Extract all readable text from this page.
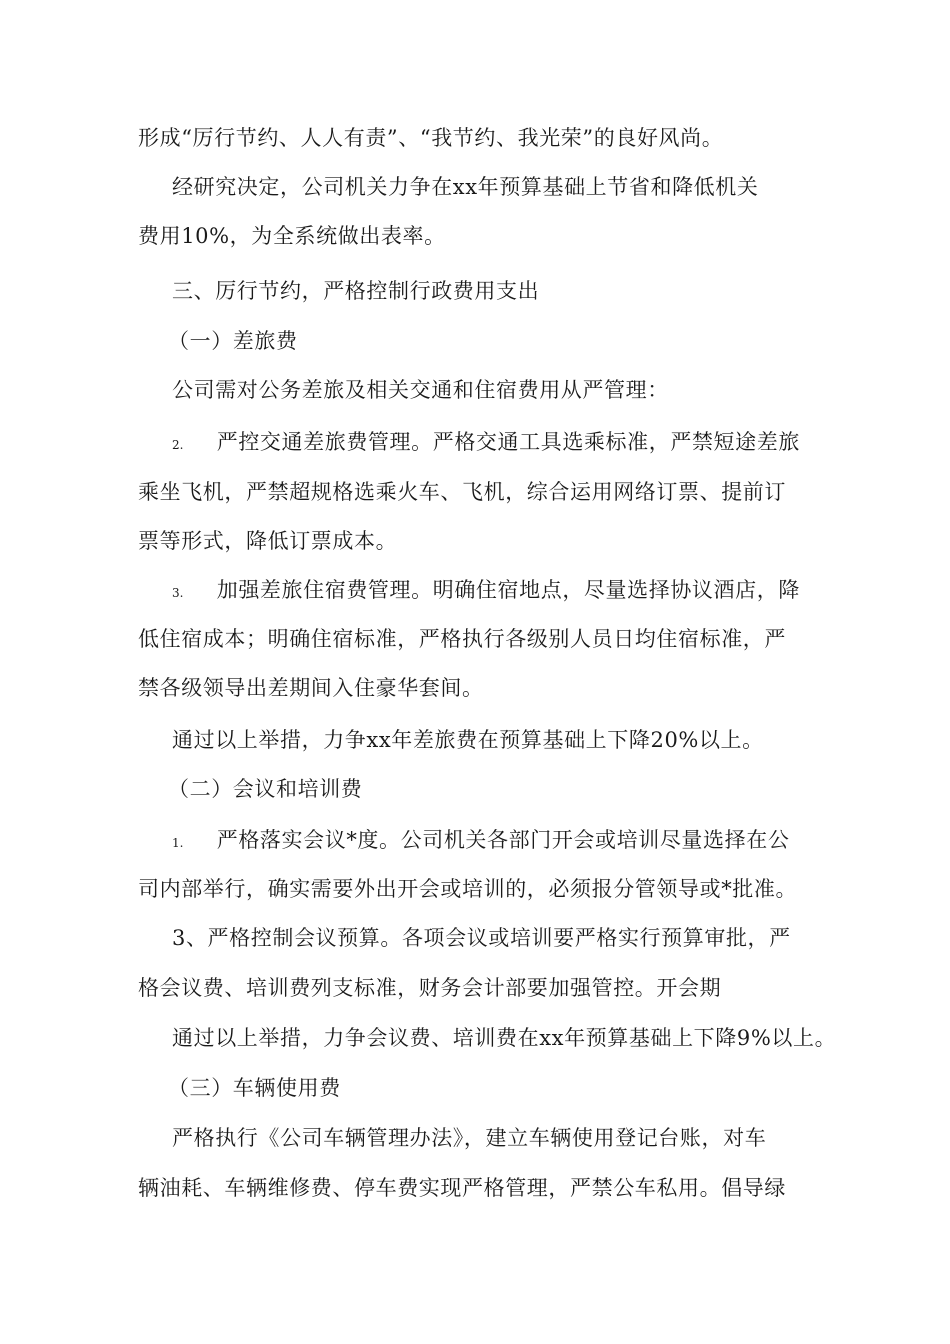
形成“厉行节约、人人有责”、“我节约、我光荣”的良好风尚。
经研究决定，公司机关力争在xx年预算基础上节省和降低机关
费用10%，为全系统做出表率。
三、厉行节约，严格控制行政费用支出
（一）差旅费
公司需对公务差旅及相关交通和住宿费用从严管理：
2. 严控交通差旅费管理。严格交通工具选乘标准，严禁短途差旅
乘坐飞机，严禁超规格选乘火车、飞机，综合运用网络订票、提前订
票等形式，降低订票成本。
3. 加强差旅住宿费管理。明确住宿地点，尽量选择协议酒店，降
低住宿成本；明确住宿标准，严格执行各级别人员日均住宿标准，严
禁各级领导出差期间入住豪华套间。
通过以上举措，力争xx年差旅费在预算基础上下降20%以上。
（二）会议和培训费
1. 严格落实会议*度。公司机关各部门开会或培训尽量选择在公
司内部举行，确实需要外出开会或培训的，必须报分管领导或*批准。
3、严格控制会议预算。各项会议或培训要严格实行预算审批，严
格会议费、培训费列支标准，财务会计部要加强管控。开会期
通过以上举措，力争会议费、培训费在xx年预算基础上下降9%以上。
（三）车辆使用费
严格执行《公司车辆管理办法》，建立车辆使用登记台账，对车
辆油耗、车辆维修费、停车费实现严格管理，严禁公车私用。倡导绿
